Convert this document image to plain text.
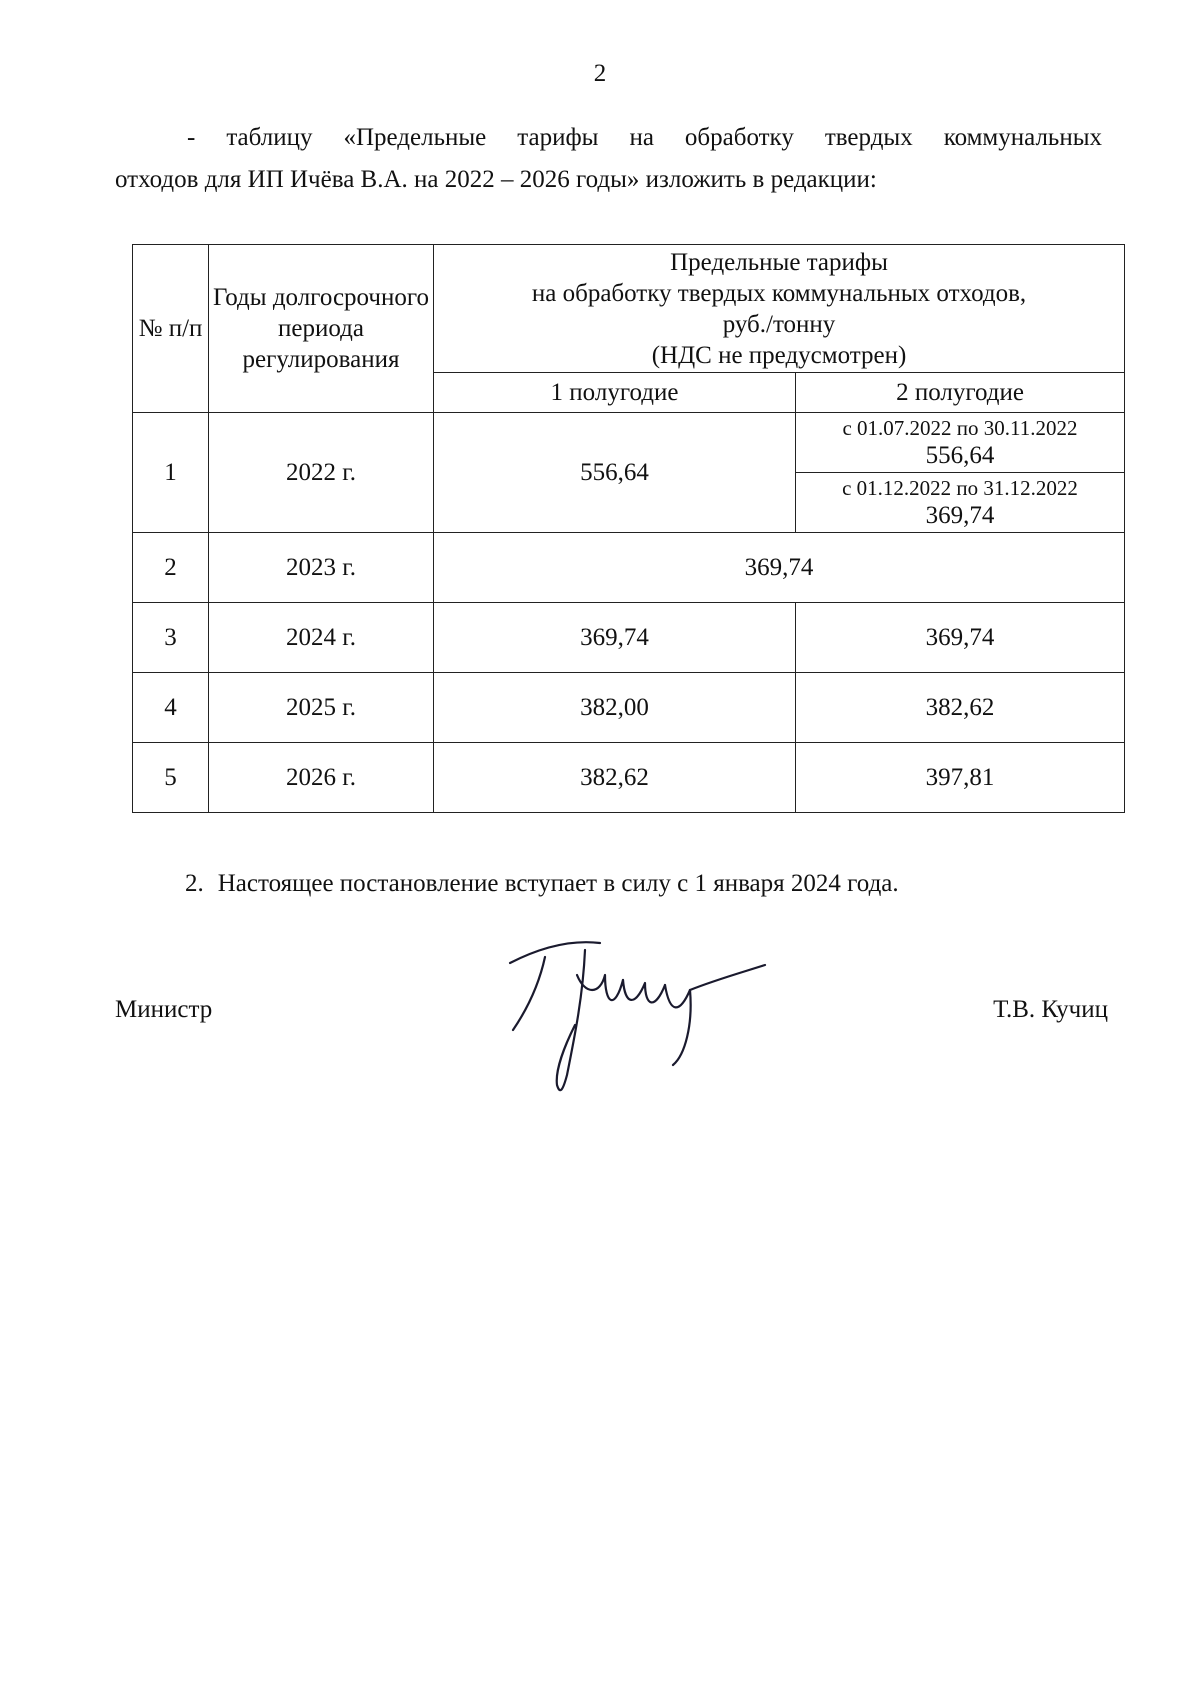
2
- таблицу «Предельные тарифы на обработку твердых коммунальных
отходов для ИП Ичёва В.А. на 2022 – 2026 годы» изложить в редакции:
№ п/п	Годы долгосрочного периода регулирования	Предельные тарифы
на обработку твердых коммунальных отходов,
руб./тонну
(НДС не предусмотрен)	

		1 полугодие	2 полугодие
1	2022 г.	556,64	с 01.07.2022 по 30.11.2022
556,64

			с 01.12.2022 по 31.12.2022
369,74

2	2023 г.	369,74	
3	2024 г.	369,74	369,74
4	2025 г.	382,00	382,62
5	2026 г.	382,62	397,81
2. Настоящее постановление вступает в силу с 1 января 2024 года.
Министр	Т.В. Кучиц
